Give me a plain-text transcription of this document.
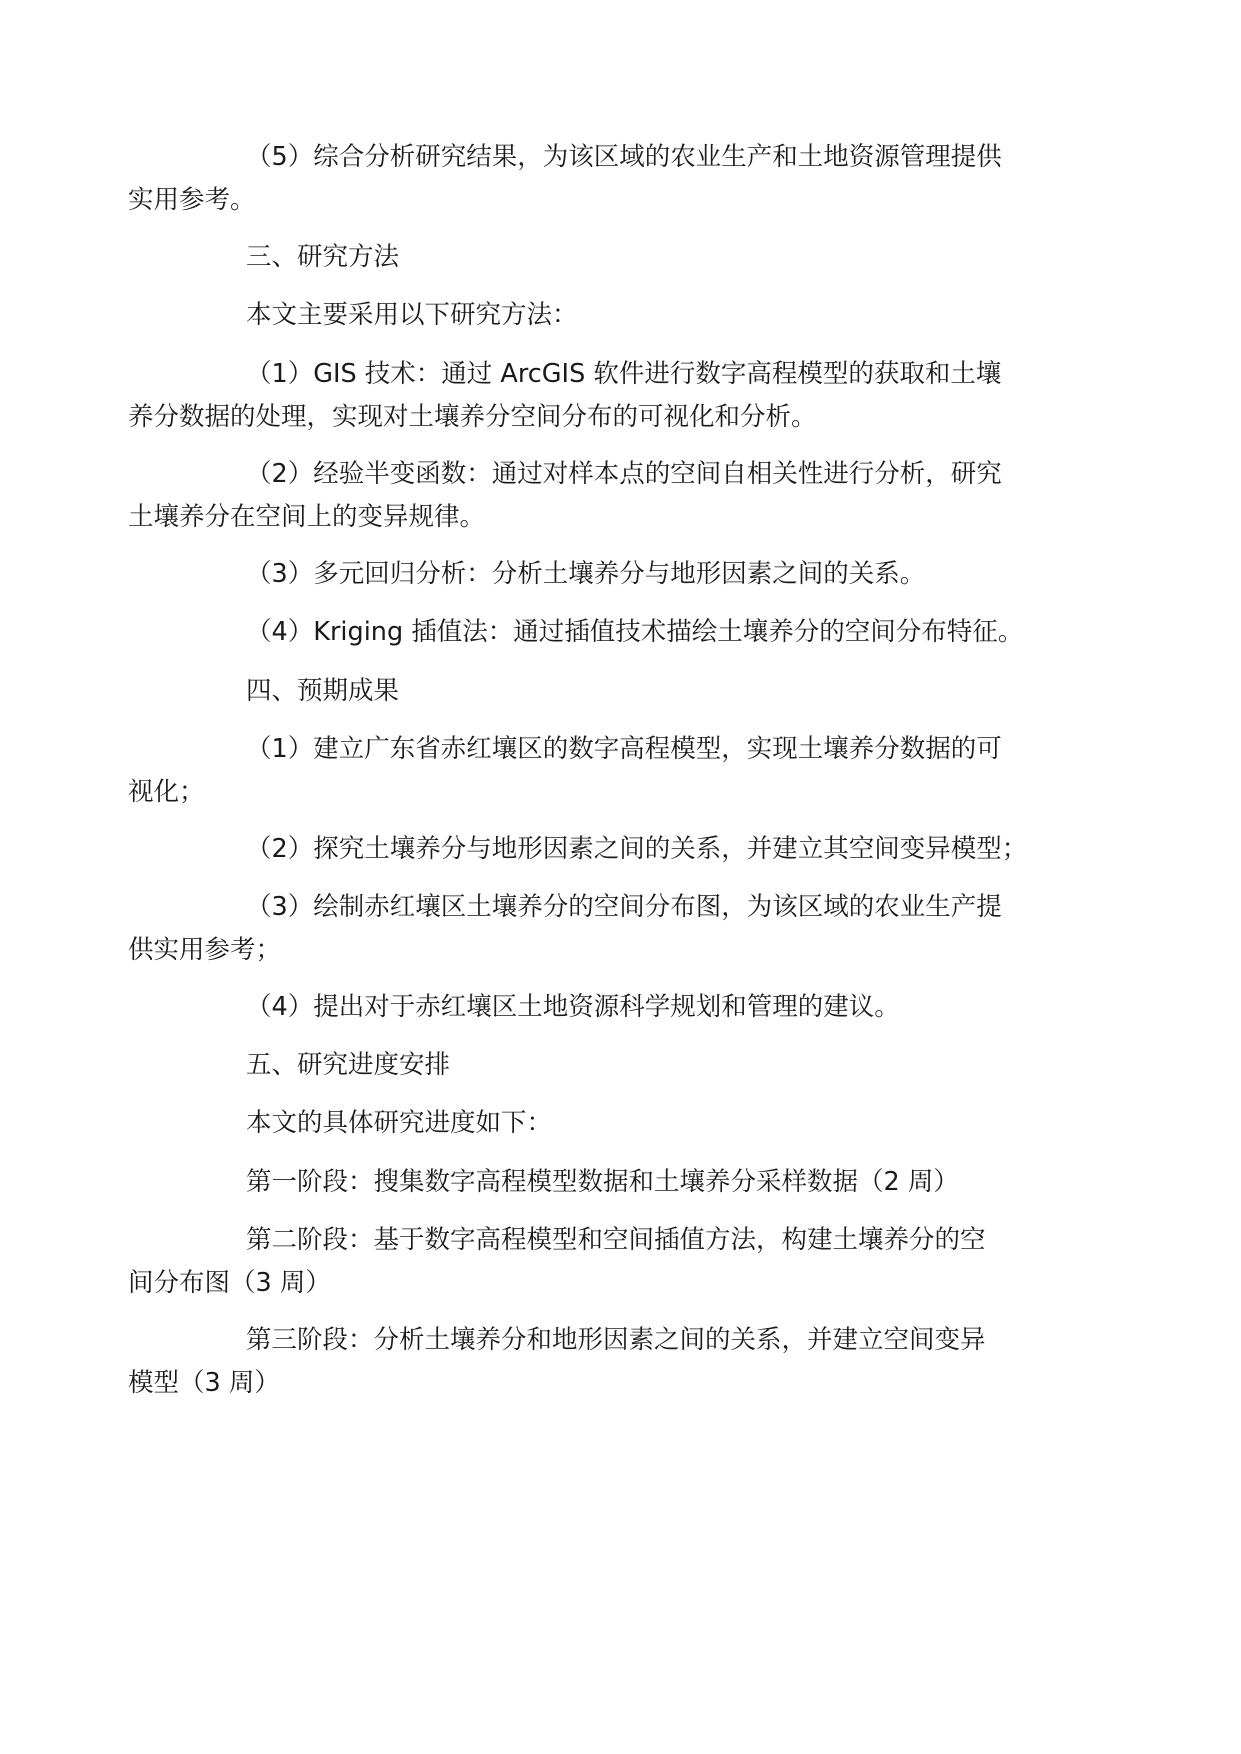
（5）综合分析研究结果，为该区域的农业生产和土地资源管理提供
实用参考。

三、研究方法

本文主要采用以下研究方法：

（1）GIS 技术：通过 ArcGIS 软件进行数字高程模型的获取和土壤
养分数据的处理，实现对土壤养分空间分布的可视化和分析。

（2）经验半变函数：通过对样本点的空间自相关性进行分析，研究
土壤养分在空间上的变异规律。

（3）多元回归分析：分析土壤养分与地形因素之间的关系。

（4）Kriging 插值法：通过插值技术描绘土壤养分的空间分布特征。

四、预期成果

（1）建立广东省赤红壤区的数字高程模型，实现土壤养分数据的可
视化；

（2）探究土壤养分与地形因素之间的关系，并建立其空间变异模型；

（3）绘制赤红壤区土壤养分的空间分布图，为该区域的农业生产提
供实用参考；

（4）提出对于赤红壤区土地资源科学规划和管理的建议。

五、研究进度安排

本文的具体研究进度如下：

第一阶段：搜集数字高程模型数据和土壤养分采样数据（2 周）

第二阶段：基于数字高程模型和空间插值方法，构建土壤养分的空
间分布图（3 周）

第三阶段：分析土壤养分和地形因素之间的关系，并建立空间变异
模型（3 周）
